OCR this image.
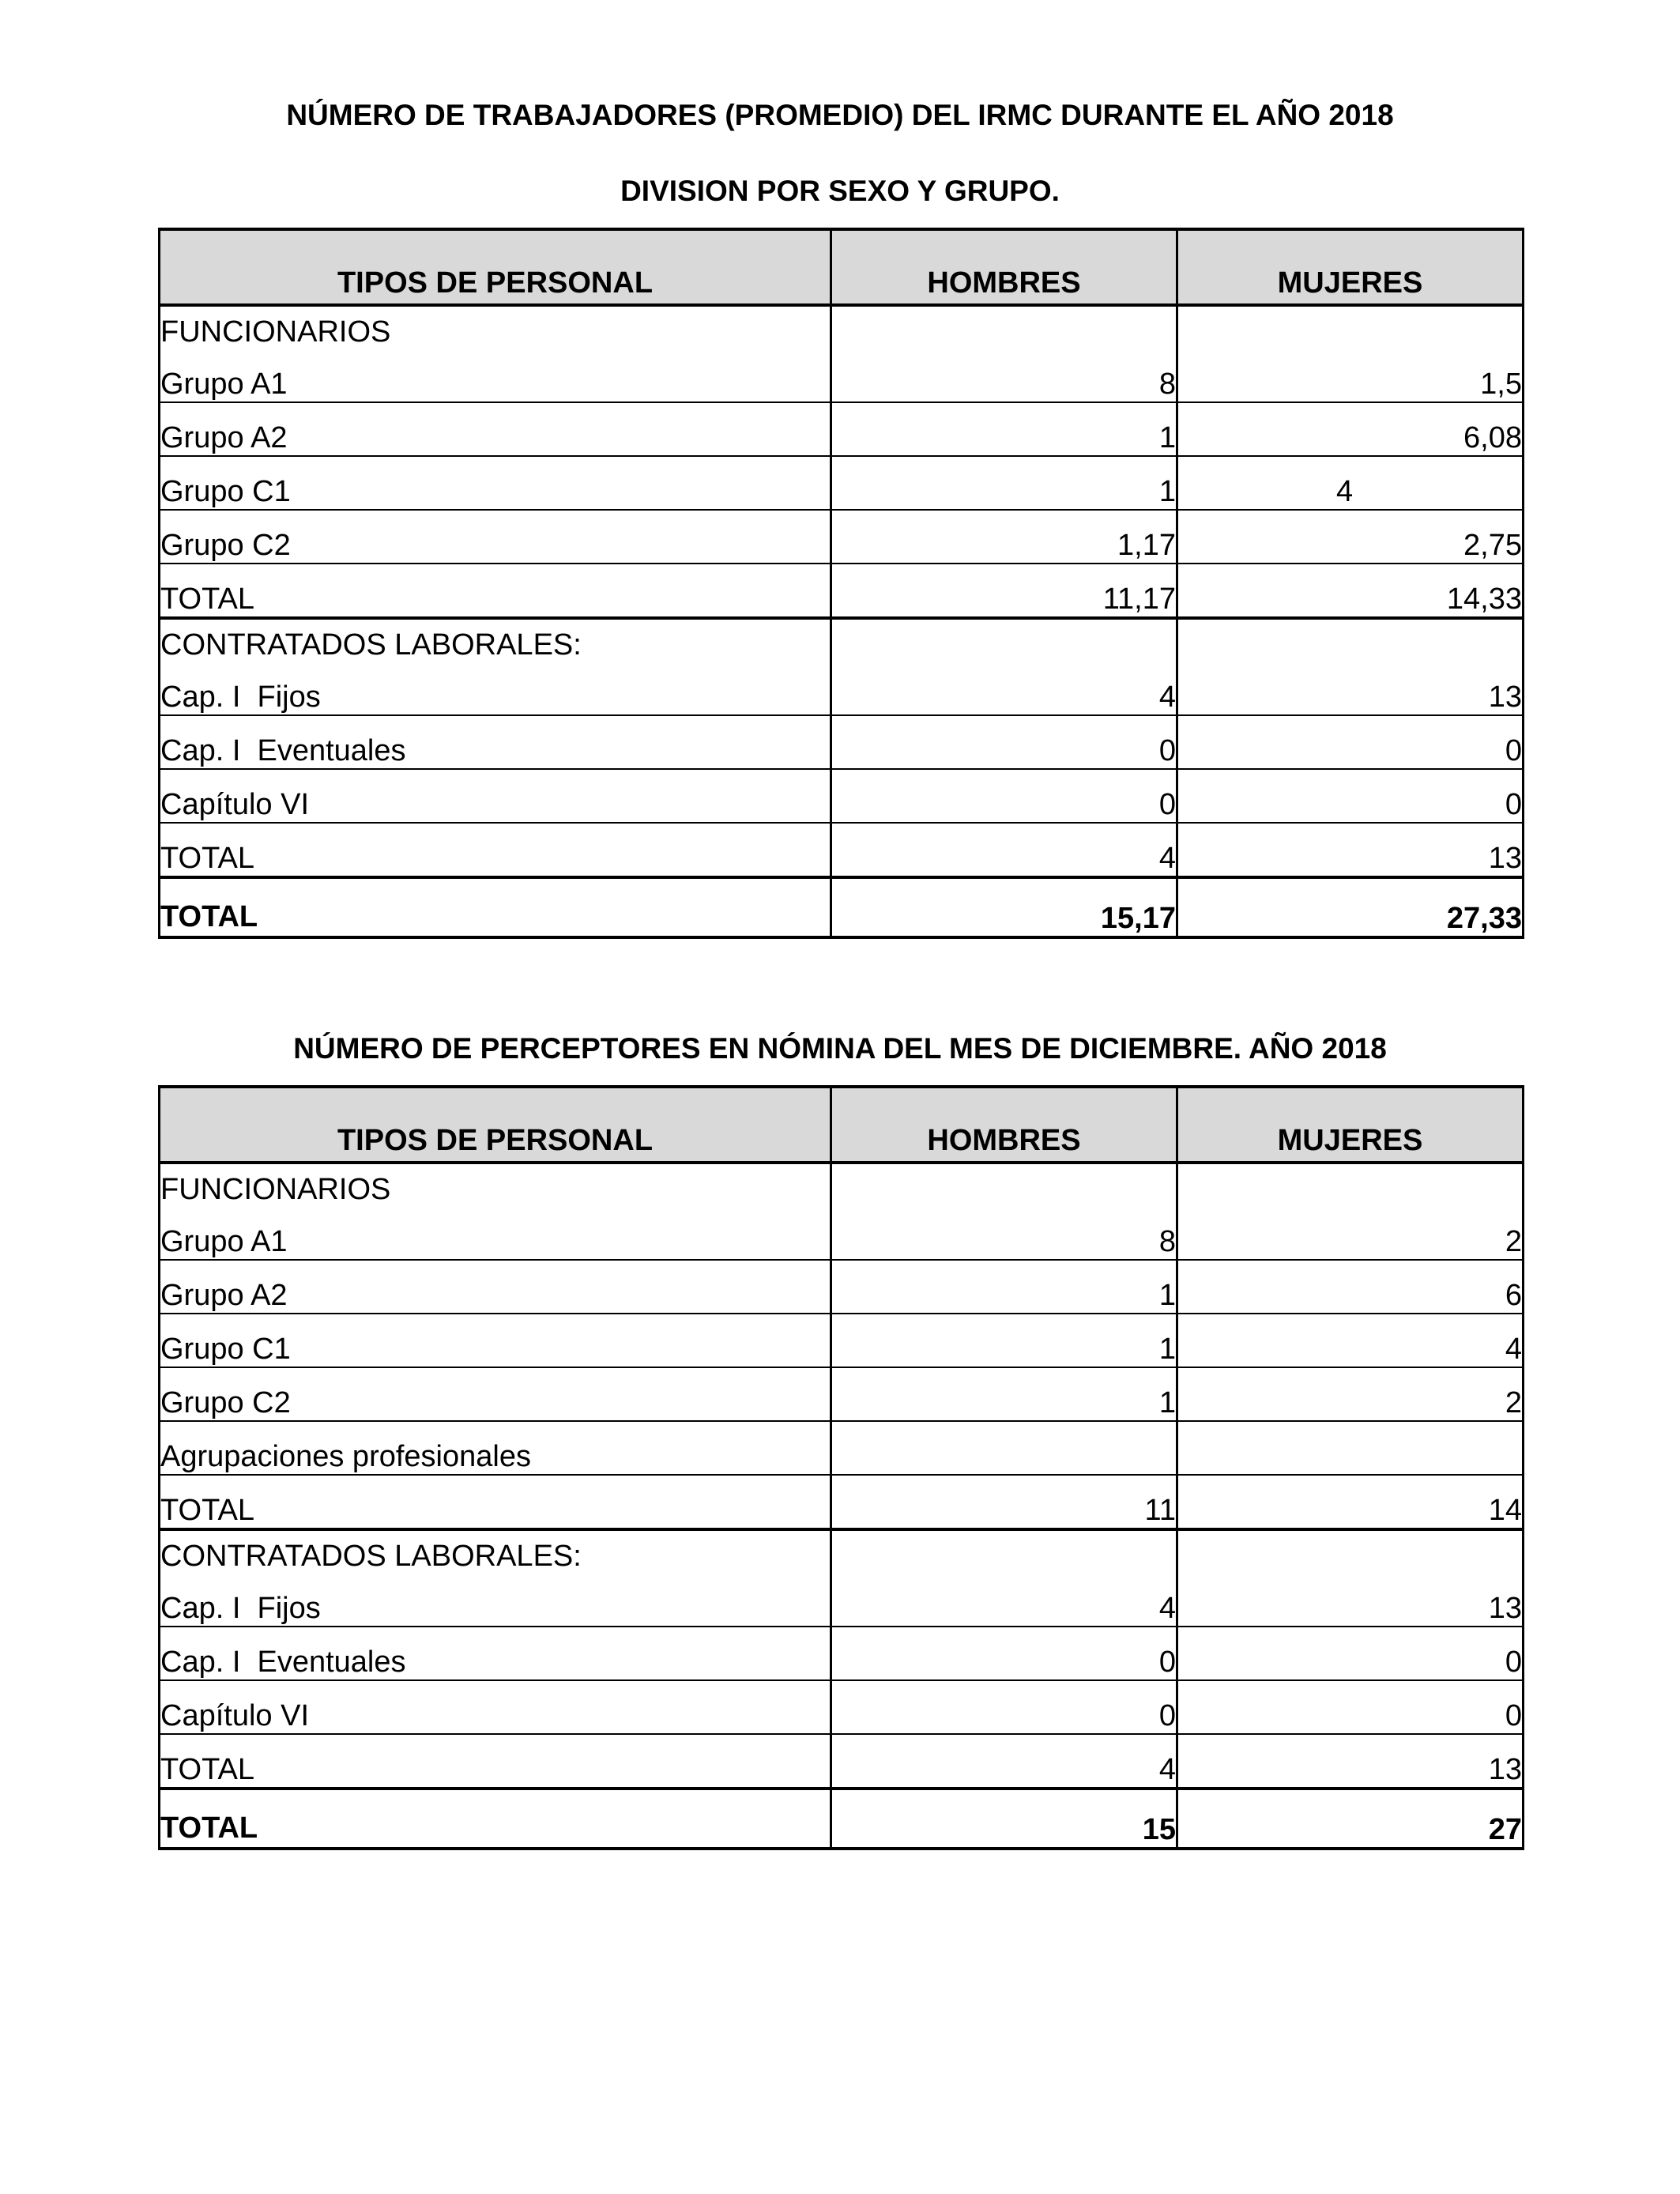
NÚMERO DE TRABAJADORES (PROMEDIO) DEL IRMC DURANTE EL AÑO 2018
DIVISION POR SEXO Y GRUPO.
TIPOS DE PERSONAL	HOMBRES	MUJERES
FUNCIONARIOS		
Grupo A1	8	1,5
Grupo A2	1	6,08
Grupo C1	1	4
Grupo C2	1,17	2,75
TOTAL	11,17	14,33
CONTRATADOS LABORALES:		
Cap. I  Fijos	4	13
Cap. I  Eventuales	0	0
Capítulo VI	0	0
TOTAL	4	13
TOTAL	15,17	27,33
NÚMERO DE PERCEPTORES EN NÓMINA DEL MES DE DICIEMBRE. AÑO 2018
TIPOS DE PERSONAL	HOMBRES	MUJERES
FUNCIONARIOS		
Grupo A1	8	2
Grupo A2	1	6
Grupo C1	1	4
Grupo C2	1	2
Agrupaciones profesionales		
TOTAL	11	14
CONTRATADOS LABORALES:		
Cap. I  Fijos	4	13
Cap. I  Eventuales	0	0
Capítulo VI	0	0
TOTAL	4	13
TOTAL	15	27
